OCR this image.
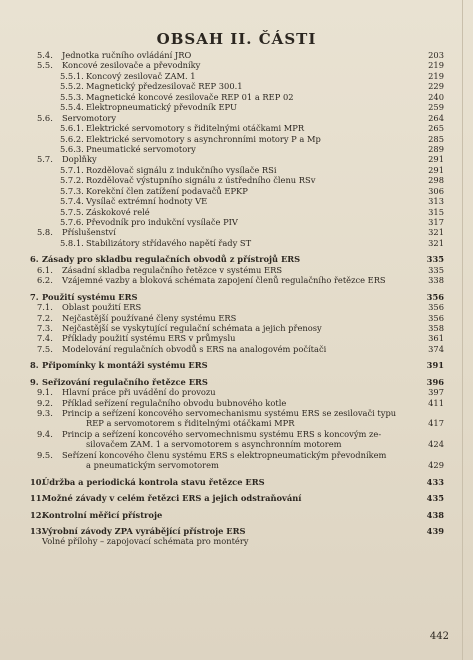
OBSAH II. ČÁSTI
5.4. Jednotka ručního ovládání JRO	203
5.5. Koncové zesilovače a převodníky	219
5.5.1. Koncový zesilovač ZAM. 1	219
5.5.2. Magnetický předzesilovač REP 300.1	229
5.5.3. Magnetické koncové zesilovače REP 01 a REP 02	240
5.5.4. Elektropneumatický převodník EPU	259
5.6. Servomotory	264
5.6.1. Elektrické servomotory s řiditelnými otáčkami MPR	265
5.6.2. Elektrické servomotory s asynchronními motory P a Mp	285
5.6.3. Pneumatické servomotory	289
5.7. Doplňky	291
5.7.1. Rozdělovač signálu z indukčního vysílače RSi	291
5.7.2. Rozdělovač výstupního signálu z ústředního členu RSv	298
5.7.3. Korekční člen zatížení podavačů EPKP	306
5.7.4. Vysílač extrémní hodnoty VE	313
5.7.5. Záskokové relé	315
5.7.6. Převodník pro indukční vysílače PIV	317
5.8. Příslušenství	321
5.8.1. Stabilizátory střídavého napětí řady ST	321
6. Zásady pro skladbu regulačních obvodů z přístrojů ERS	335
6.1. Zásadní skladba regulačního řetězce v systému ERS	335
6.2. Vzájemné vazby a bloková schémata zapojení členů regulačního řetězce ERS	338
7. Použití systému ERS	356
7.1. Oblast použití ERS	356
7.2. Nejčastější používané členy systému ERS	356
7.3. Nejčastější se vyskytující regulační schémata a jejich přenosy	358
7.4. Příklady použití systému ERS v průmyslu	361
7.5. Modelování regulačních obvodů s ERS na analogovém počítači	374
8. Připomínky k montáži systému ERS	391
9. Seřizování regulačního řetězce ERS	396
9.1. Hlavní práce při uvádění do provozu	397
9.2. Příklad seřízení regulačního obvodu bubnového kotle	411
9.3. Princip a seřízení koncového servomechanismu systému ERS se zesilovači typu
REP a servomotorem s řiditelnými otáčkami MPR	417
9.4. Princip a seřízení koncového servomechnismu systému ERS s koncovým ze-
silovačem ZAM. 1 a servomotorem s asynchronním motorem	424
9.5. Seřízení koncového členu systému ERS s elektropneumatickým převodníkem
a pneumatickým servomotorem	429
10.
Údržba a periodická kontrola stavu řetězce ERS	433
11.
Možné závady v celém řetězci ERS a jejich odstraňování	435
12.
Kontrolní měřicí přístroje	438
13.
Výrobní závody ZPA vyrábějící přístroje ERS	439
Volné přílohy – zapojovací schémata pro montéry
442
